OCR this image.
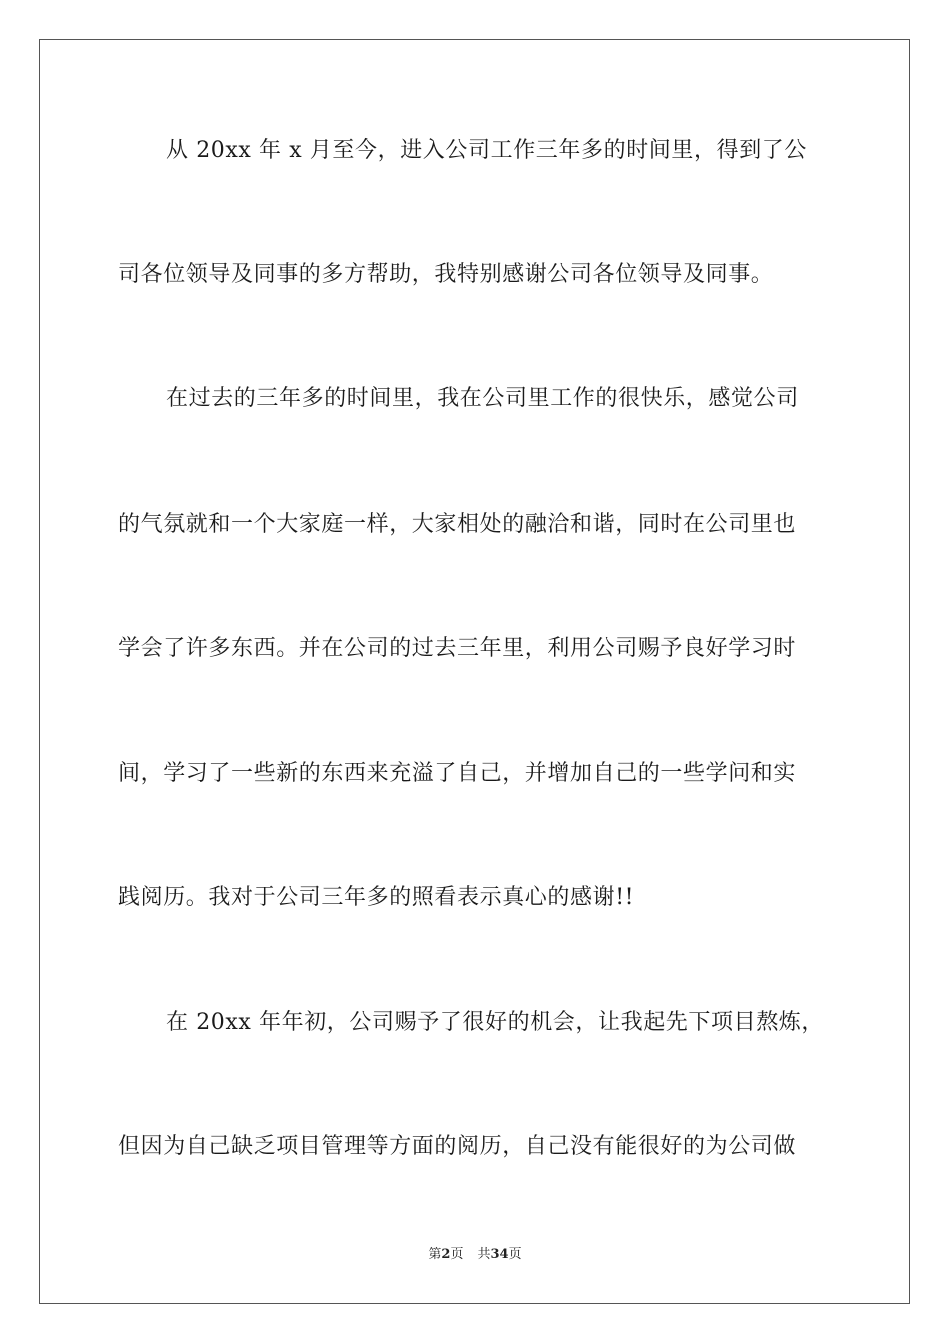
从 20xx 年 x 月至今，进入公司工作三年多的时间里，得到了公
司各位领导及同事的多方帮助，我特别感谢公司各位领导及同事。
在过去的三年多的时间里，我在公司里工作的很快乐，感觉公司
的气氛就和一个大家庭一样，大家相处的融洽和谐，同时在公司里也
学会了许多东西。并在公司的过去三年里，利用公司赐予良好学习时
间，学习了一些新的东西来充溢了自己，并增加自己的一些学问和实
践阅历。我对于公司三年多的照看表示真心的感谢!!
在 20xx 年年初，公司赐予了很好的机会，让我起先下项目熬炼，
但因为自己缺乏项目管理等方面的阅历，自己没有能很好的为公司做
第2页 共34页
